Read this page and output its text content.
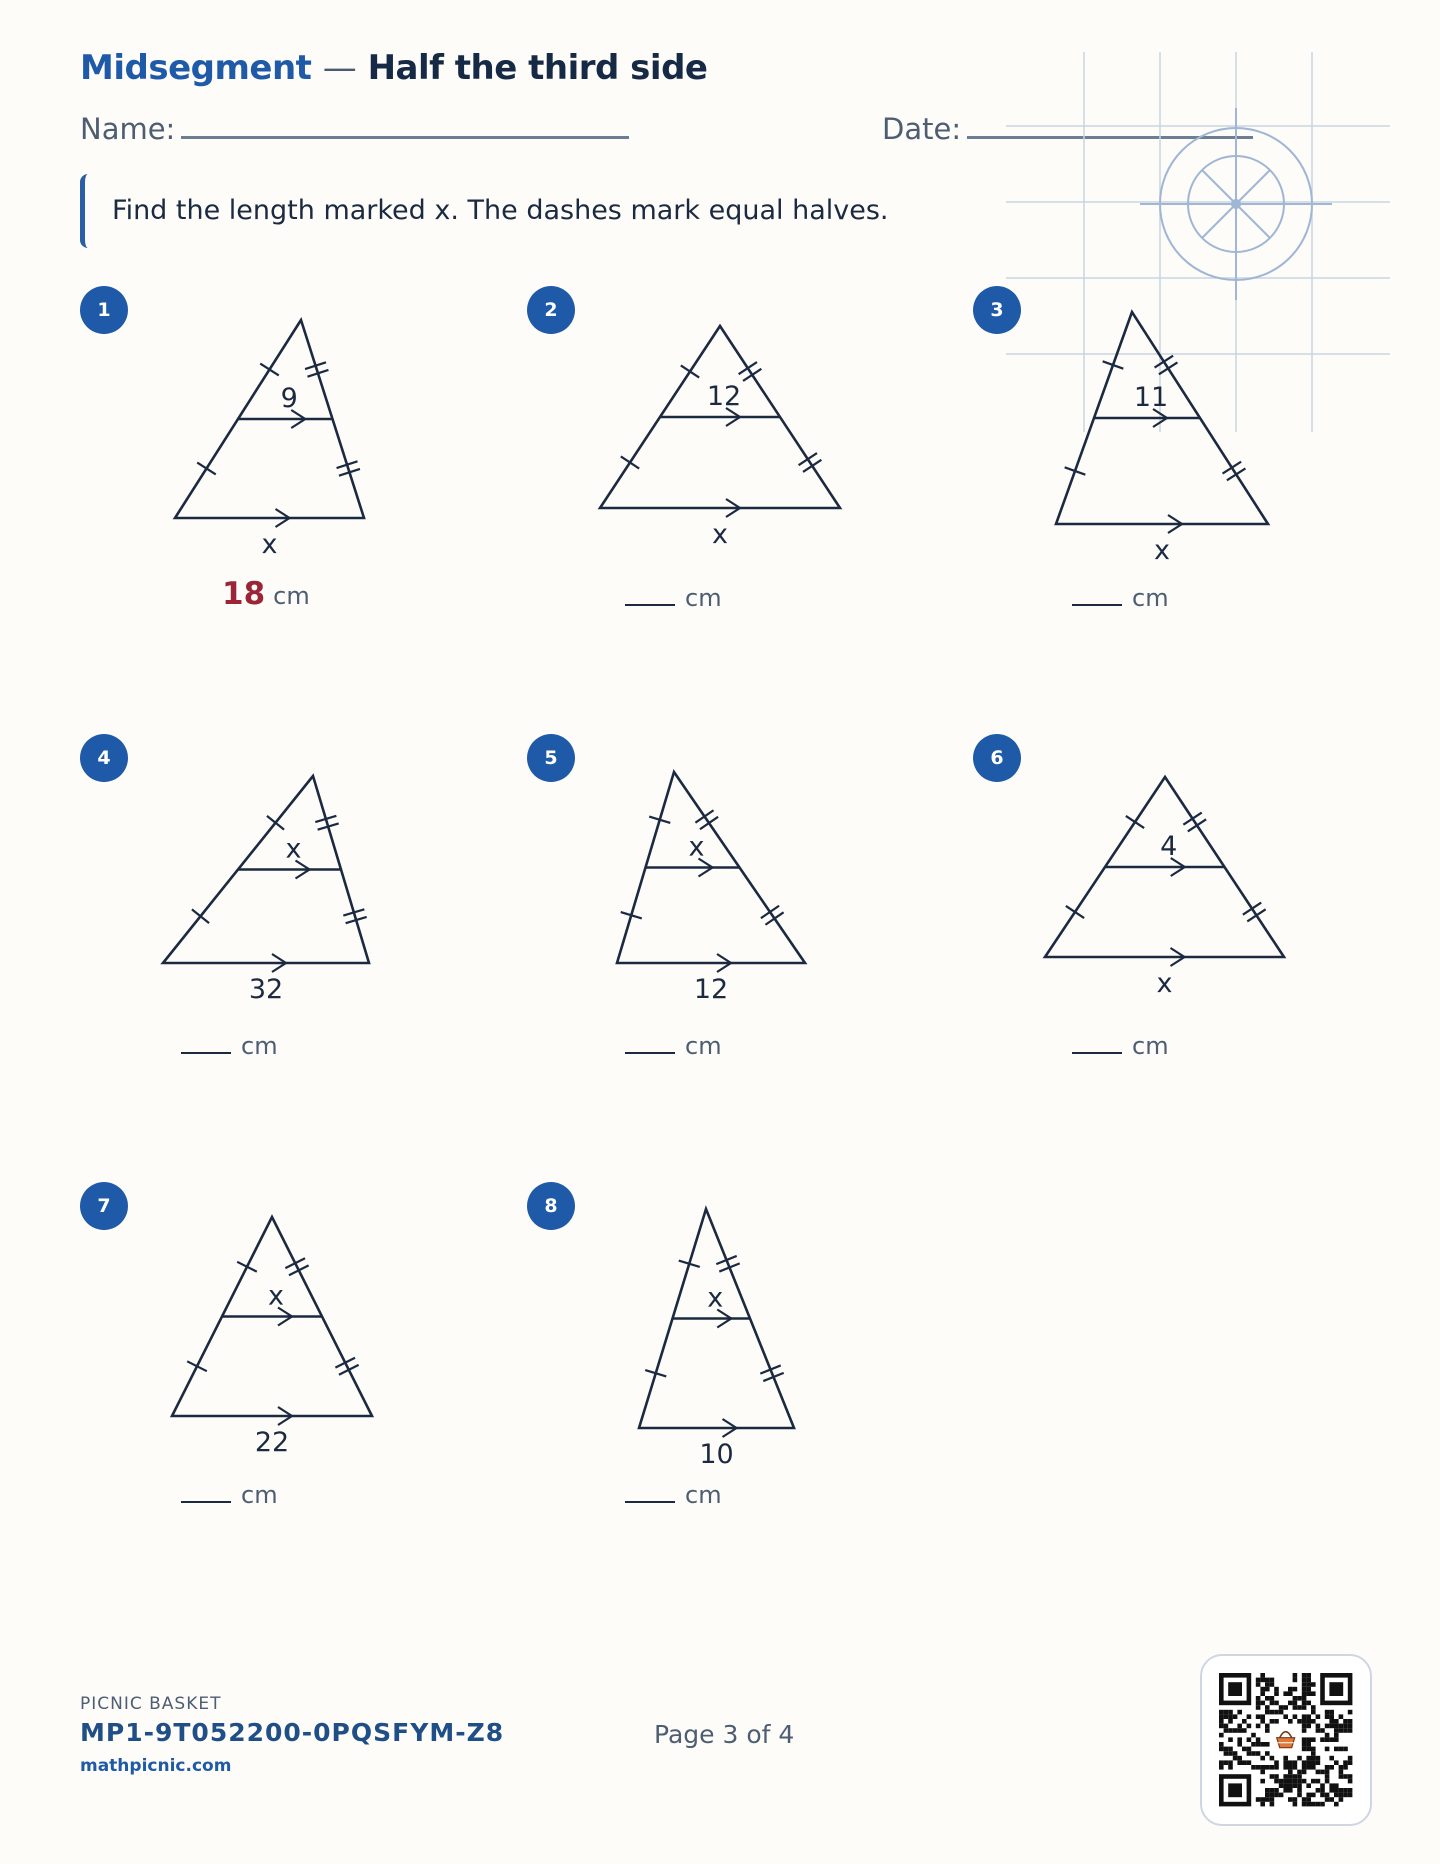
Midsegment — Half the third side
Name:	Date:
Find the length marked x. The dashes mark equal halves.
1
9
x
18 cm
2
12
x
cm
3
11
x
cm
4
x
32
cm
5
x
12
cm
6
4
x
cm
7
x
22
cm
8
x
10
cm
PICNIC BASKET
MP1-9T052200-0PQSFYM-Z8
mathpicnic.com
Page 3 of 4
